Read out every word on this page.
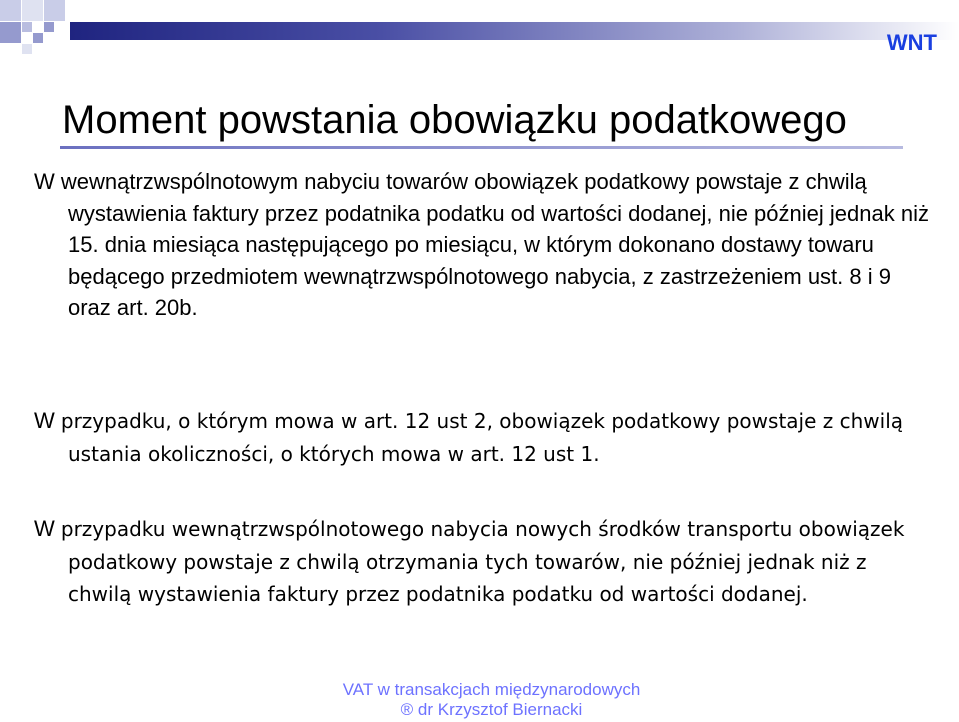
WNT
Moment powstania obowiązku podatkowego

W wewnątrzwspólnotowym nabyciu towarów obowiązek podatkowy powstaje z chwilą wystawienia faktury przez podatnika podatku od wartości dodanej, nie później jednak niż 15. dnia miesiąca następującego po miesiącu, w którym dokonano dostawy towaru będącego przedmiotem wewnątrzwspólnotowego nabycia, z zastrzeżeniem ust. 8 i 9 oraz art. 20b.

W przypadku, o którym mowa w art. 12 ust 2, obowiązek podatkowy powstaje z chwilą ustania okoliczności, o których mowa w art. 12 ust 1.

W przypadku wewnątrzwspólnotowego nabycia nowych środków transportu obowiązek podatkowy powstaje z chwilą otrzymania tych towarów, nie później jednak niż z chwilą wystawienia faktury przez podatnika podatku od wartości dodanej.

VAT w transakcjach międzynarodowych
® dr Krzysztof Biernacki
